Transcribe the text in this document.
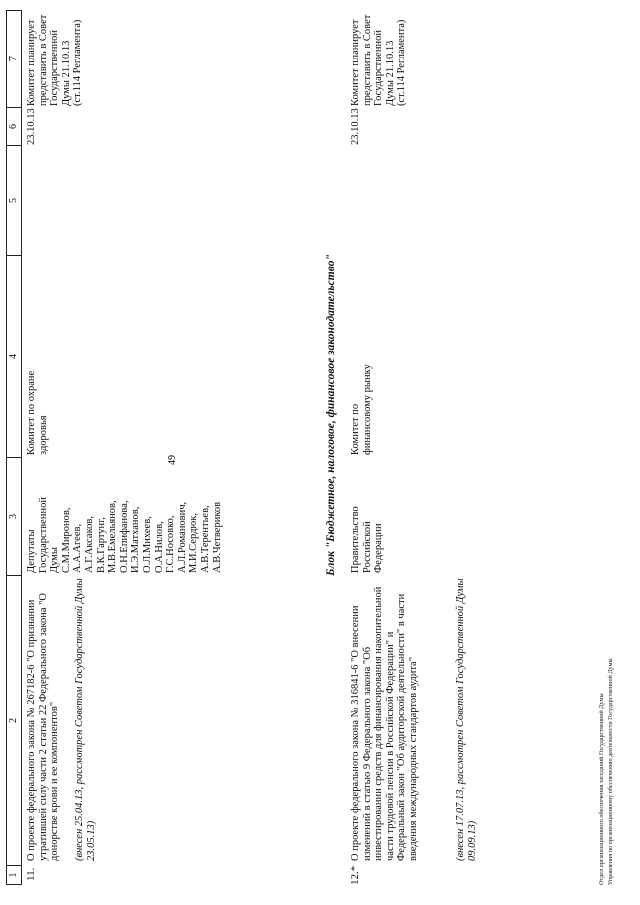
49
1
2
3
4
5
6
7
11.
О проекте федерального закона № 267182-6 "О признании утратившей силу части 2 статьи 22 Федерального закона "О донорстве крови и ее компонентов" (внесен 25.04.13, рассмотрен Советом Государственной Думы 23.05.13)
Депутаты
Государственной
Думы
С.М.Миронов,
А.А.Агеев,
А.Г.Аксаков,
В.К.Гартунг,
М.В.Емельянов,
О.Н.Епифанова,
И.Э.Матханов,
О.Л.Михеев,
О.А.Нилов,
Г.С.Носовко,
А.Л.Романович,
М.И.Сердюк,
А.В.Терентьев,
А.В.Четвериков
Комитет по охране
здоровья
23.10.13
Комитет планирует
представить в Совет
Государственной
Думы 21.10.13
(ст.114 Регламента)
Блок "Бюджетное, налоговое, финансовое законодательство"
12.*
О проекте федерального закона № 316841-6 "О внесении изменений в статью 9 Федерального закона "Об инвестировании средств для финансирования накопительной части трудовой пенсии в Российской Федерации" и Федеральный закон "Об аудиторской деятельности" в части введения международных стандартов аудита"	(внесен 17.07.13, рассмотрен Советом Государственной Думы 09.09.13)
Правительство
Российской
Федерации
Комитет по
финансовому рынку
23.10.13
Комитет планирует
представить в Совет
Государственной
Думы 21.10.13
(ст.114 Регламента)
Отдел организационного обеспечения заседаний Государственной Думы Управления по организационному обеспечению деятельности Государственной Думы
